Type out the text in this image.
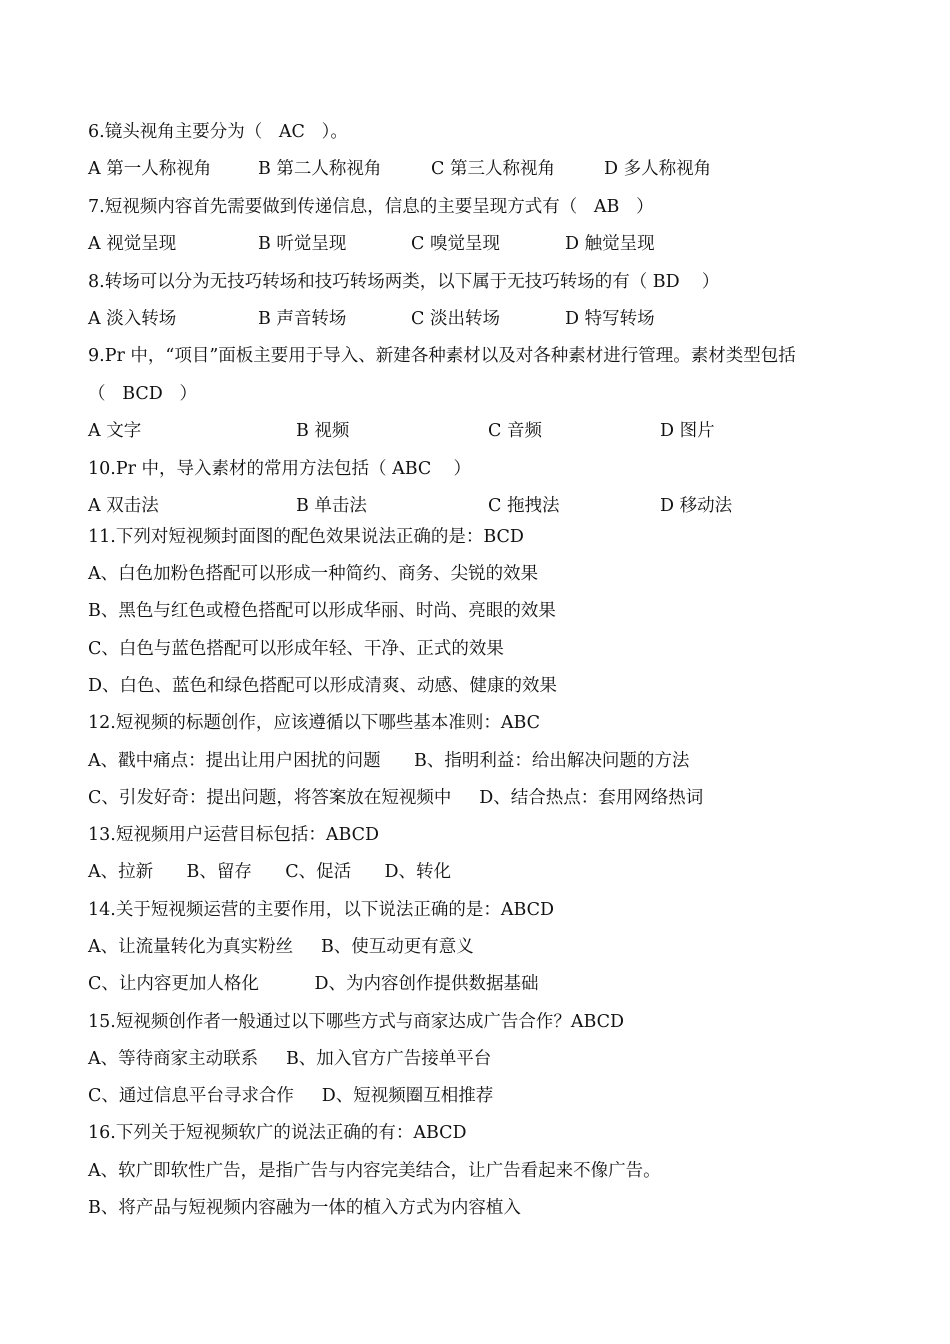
6.镜头视角主要分为（   AC   ）。

A 第一人称视角

	B 第二人称视角

	C 第三人称视角

	D 多人称视角

7.短视频内容首先需要做到传递信息，信息的主要呈现方式有（   AB   ）

A 视觉呈现

	B 听觉呈现

	C 嗅觉呈现

	D 触觉呈现

8.转场可以分为无技巧转场和技巧转场两类，以下属于无技巧转场的有（ BD    ）

A 淡入转场

	B 声音转场

	C 淡出转场

	D 特写转场

9.Pr 中，“项目”面板主要用于导入、新建各种素材以及对各种素材进行管理。素材类型包括
（   BCD   ）

A 文字

	B 视频

	C 音频

	D 图片

10.Pr 中，导入素材的常用方法包括（ ABC    ）

A 双击法

	B 单击法

	C 拖拽法

	D 移动法

11.下列对短视频封面图的配色效果说法正确的是：BCD
A、白色加粉色搭配可以形成一种简约、商务、尖锐的效果
B、黑色与红色或橙色搭配可以形成华丽、时尚、亮眼的效果
C、白色与蓝色搭配可以形成年轻、干净、正式的效果
D、白色、蓝色和绿色搭配可以形成清爽、动感、健康的效果
12.短视频的标题创作，应该遵循以下哪些基本准则：ABC
A、戳中痛点：提出让用户困扰的问题      B、指明利益：给出解决问题的方法
C、引发好奇：提出问题，将答案放在短视频中     D、结合热点：套用网络热词
13.短视频用户运营目标包括：ABCD
A、拉新      B、留存      C、促活      D、转化
14.关于短视频运营的主要作用，以下说法正确的是：ABCD
A、让流量转化为真实粉丝     B、使互动更有意义
C、让内容更加人格化          D、为内容创作提供数据基础
15.短视频创作者一般通过以下哪些方式与商家达成广告合作？ABCD
A、等待商家主动联系     B、加入官方广告接单平台
C、通过信息平台寻求合作     D、短视频圈互相推荐
16.下列关于短视频软广的说法正确的有：ABCD
A、软广即软性广告，是指广告与内容完美结合，让广告看起来不像广告。
B、将产品与短视频内容融为一体的植入方式为内容植入
